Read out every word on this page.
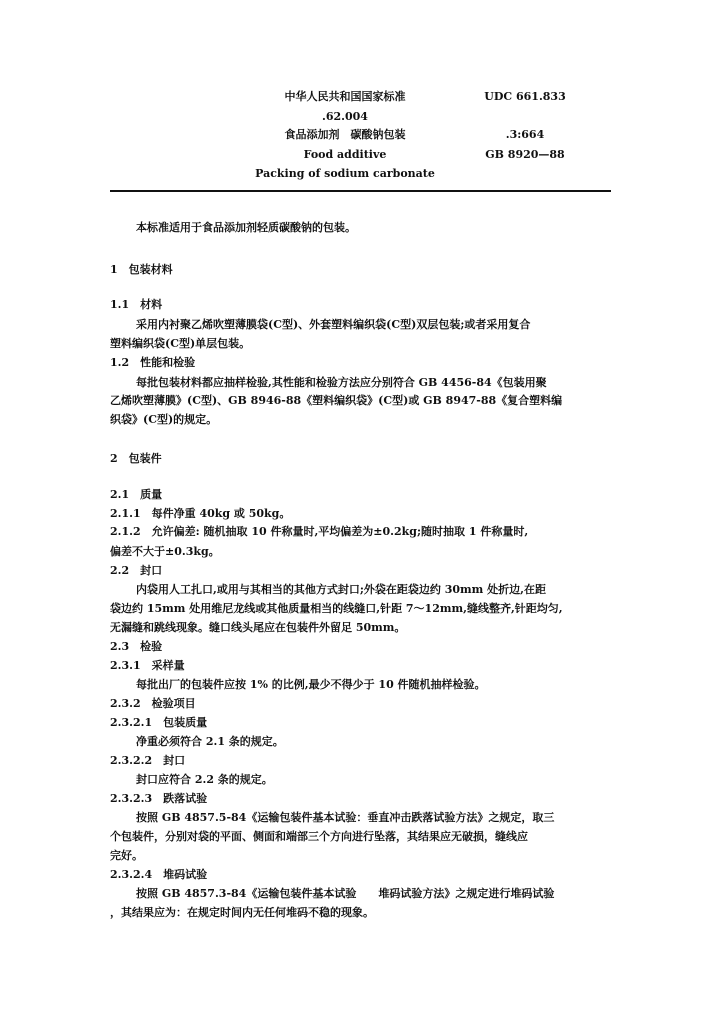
中华人民共和国国家标准
.62.004
食品添加剂　碳酸钠包装
Food additive
Packing of sodium carbonate
UDC 661.833
.3:664
GB 8920—88
本标准适用于食品添加剂轻质碳酸钠的包装。
1　包装材料
1.1　材料
采用内衬聚乙烯吹塑薄膜袋(C型)、外套塑料编织袋(C型)双层包装;或者采用复合
塑料编织袋(C型)单层包装。
1.2　性能和检验
每批包装材料都应抽样检验,其性能和检验方法应分别符合 GB 4456-84《包装用聚
乙烯吹塑薄膜》(C型)、GB 8946-88《塑料编织袋》(C型)或 GB 8947-88《复合塑料编
织袋》(C型)的规定。
2　包装件
2.1　质量
2.1.1　每件净重 40kg 或 50kg。
2.1.2　允许偏差: 随机抽取 10 件称量时,平均偏差为±0.2kg;随时抽取 1 件称量时,
偏差不大于±0.3kg。
2.2　封口
内袋用人工扎口,或用与其相当的其他方式封口;外袋在距袋边约 30mm 处折边,在距
袋边约 15mm 处用维尼龙线或其他质量相当的线缝口,针距 7～12mm,缝线整齐,针距均匀,
无漏缝和跳线现象。缝口线头尾应在包装件外留足 50mm。
2.3　检验
2.3.1　采样量
每批出厂的包装件应按 1% 的比例,最少不得少于 10 件随机抽样检验。
2.3.2　检验项目
2.3.2.1　包装质量
净重必须符合 2.1 条的规定。
2.3.2.2　封口
封口应符合 2.2 条的规定。
2.3.2.3　跌落试验
按照 GB 4857.5-84《运输包装件基本试验：垂直冲击跌落试验方法》之规定，取三
个包装件，分别对袋的平面、侧面和端部三个方向进行坠落，其结果应无破损，缝线应
完好。
2.3.2.4　堆码试验
按照 GB 4857.3-84《运输包装件基本试验　　堆码试验方法》之规定进行堆码试验
，其结果应为：在规定时间内无任何堆码不稳的现象。
